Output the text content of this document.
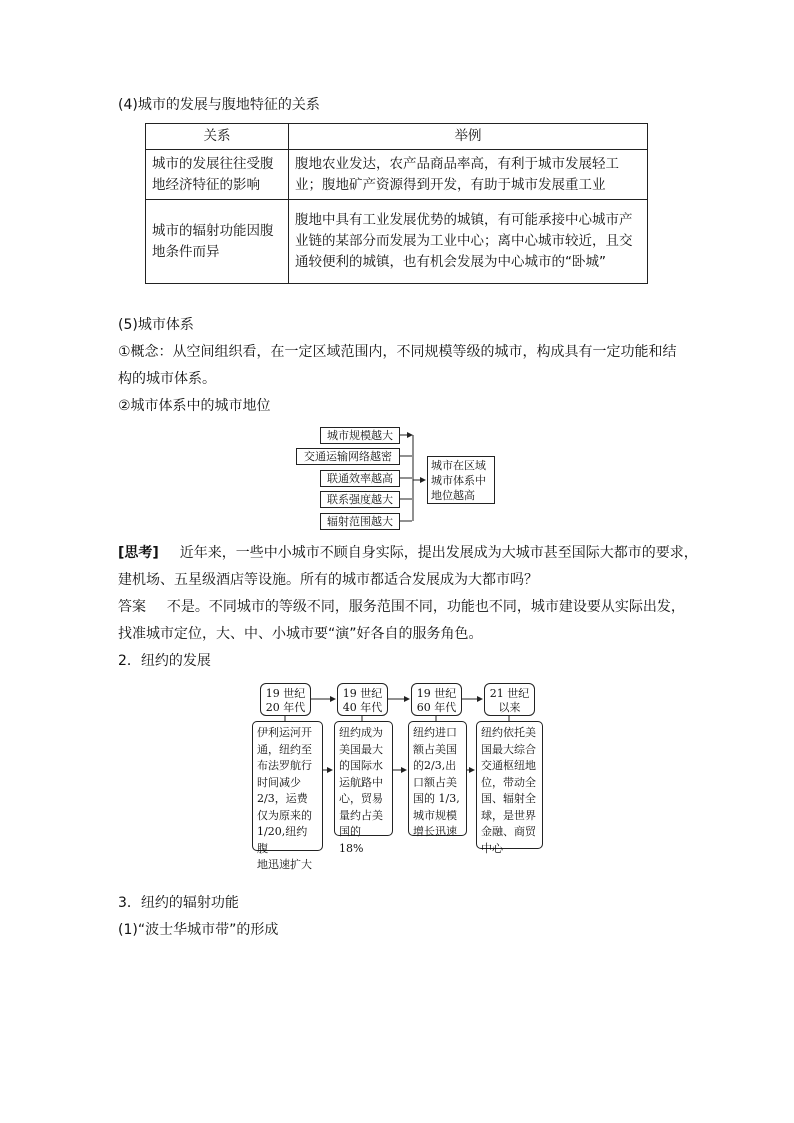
(4)城市的发展与腹地特征的关系
关系	举例
城市的发展往往受腹地经济特征的影响	腹地农业发达，农产品商品率高，有利于城市发展轻工业；腹地矿产资源得到开发，有助于城市发展重工业
城市的辐射功能因腹地条件而异	腹地中具有工业发展优势的城镇，有可能承接中心城市产业链的某部分而发展为工业中心；离中心城市较近，且交通较便利的城镇，也有机会发展为中心城市的“卧城”
(5)城市体系
①概念：从空间组织看，在一定区域范围内，不同规模等级的城市，构成具有一定功能和结
构的城市体系。
②城市体系中的城市地位
城市规模越大
交通运输网络越密
联通效率越高
联系强度越大
辐射范围越大
城市在区域
城市体系中
地位越高
[思考] 近年来，一些中小城市不顾自身实际，提出发展成为大城市甚至国际大都市的要求，
建机场、五星级酒店等设施。所有的城市都适合发展成为大都市吗？
答案 不是。不同城市的等级不同，服务范围不同，功能也不同，城市建设要从实际出发，
找准城市定位，大、中、小城市要“演”好各自的服务角色。
2．纽约的发展
19 世纪
20 年代
19 世纪
40 年代
19 世纪
60 年代
21 世纪
以来
伊利运河开
通，纽约至
布法罗航行
时间减少
2/3，运费
仅为原来的
1/20,纽约腹
地迅速扩大
纽约成为
美国最大
的国际水
运航路中
心，贸易
量约占美
国的 18%
纽约进口
额占美国
的2/3,出
口额占美
国的 1/3,
城市规模
增长迅速
纽约依托美
国最大综合
交通枢纽地
位，带动全
国、辐射全
球，是世界
金融、商贸
中心
3．纽约的辐射功能
(1)“波士华城市带”的形成
